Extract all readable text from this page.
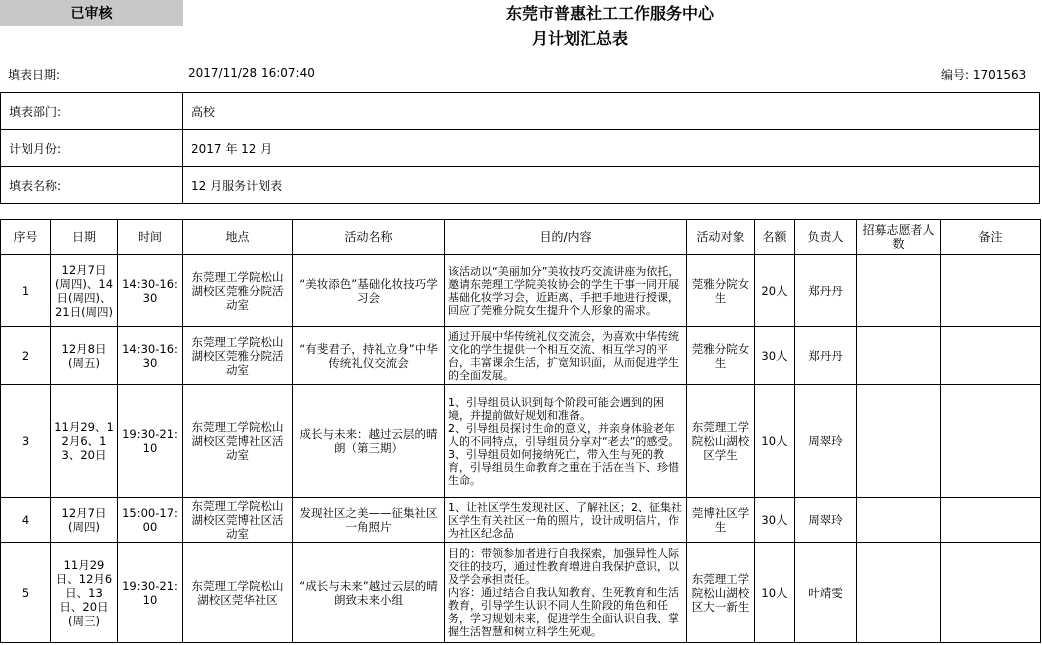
已审核	东莞市普惠社工工作服务中心
月计划汇总表
填表日期:	2017/11/28 16:07:40	编号: 1701563
填表部门:	高校
计划月份:	2017 年 12 月
填表名称:	12 月服务计划表
序号	日期	时间	地点	活动名称	目的/内容	活动对象	名额	负责人	招募志愿者人数	备注
1	12月7日(周四)、14日(周四)、21日(周四)	14:30-16:30	东莞理工学院松山湖校区莞雅分院活动室	“美妆添色”基础化妆技巧学习会	该活动以“美丽加分”美妆技巧交流讲座为依托，邀请东莞理工学院美妆协会的学生干事一同开展基础化妆学习会，近距离、手把手地进行授课，回应了莞雅分院女生提升个人形象的需求。	莞雅分院女生	20人	郑丹丹		
2	12月8日(周五)	14:30-16:30	东莞理工学院松山湖校区莞雅分院活动室	“有斐君子，持礼立身”中华传统礼仪交流会	通过开展中华传统礼仪交流会，为喜欢中华传统文化的学生提供一个相互交流、相互学习的平台，丰富课余生活，扩宽知识面，从而促进学生的全面发展。	莞雅分院女生	30人	郑丹丹		
3	11月29、12月6、13、20日	19:30-21:10	东莞理工学院松山湖校区莞博社区活动室	成长与未来：越过云层的晴朗（第三期）	1、引导组员认识到每个阶段可能会遇到的困境，并提前做好规划和准备。
2、引导组员探讨生命的意义，并亲身体验老年人的不同特点，引导组员分享对“老去”的感受。
3、引导组员如何接纳死亡，带入生与死的教育，引导组员生命教育之重在于活在当下、珍惜生命。	东莞理工学院松山湖校区学生	10人	周翠玲		
4	12月7日(周四)	15:00-17:00	东莞理工学院松山湖校区莞博社区活动室	发现社区之美——征集社区一角照片	1、让社区学生发现社区、了解社区；2、征集社区学生有关社区一角的照片，设计成明信片，作为社区纪念品	莞博社区学生	30人	周翠玲		
5	11月29日、12月6日、13日、20日(周三)	19:30-21:10	东莞理工学院松山湖校区莞华社区	“成长与未来”越过云层的晴朗致未来小组	目的：带领参加者进行自我探索，加强异性人际交往的技巧，通过性教育增进自我保护意识，以及学会承担责任。
内容：通过结合自我认知教育、生死教育和生活教育，引导学生认识不同人生阶段的角色和任务，学习规划未来，促进学生全面认识自我、掌握生活智慧和树立科学生死观。	东莞理工学院松山湖校区大一新生	10人	叶靖雯		
